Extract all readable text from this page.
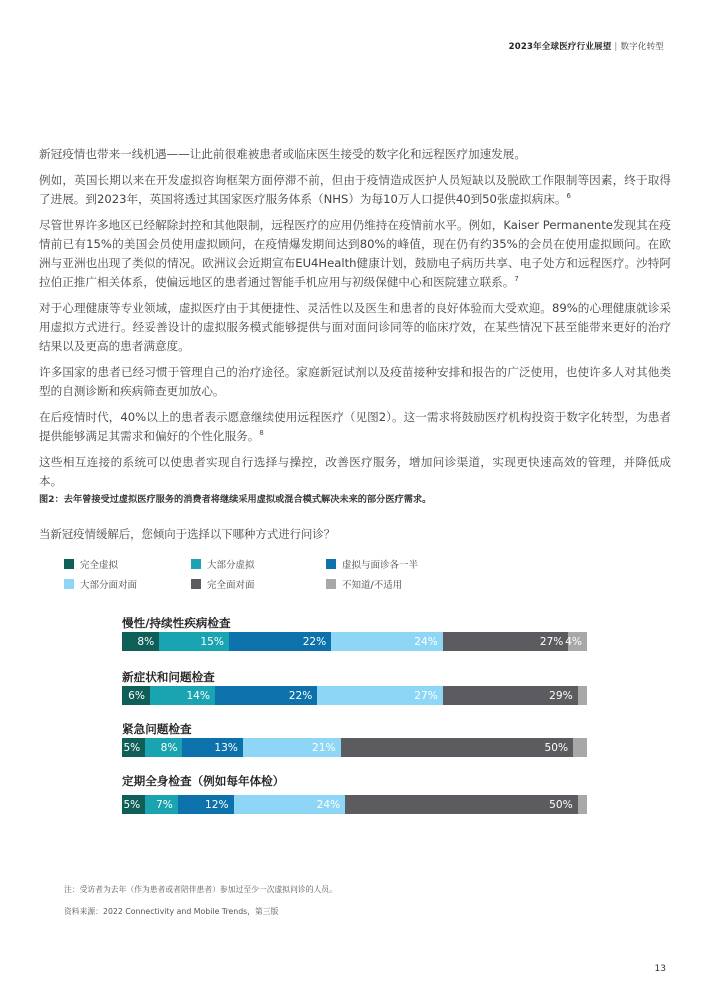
2023年全球医疗行业展望 | 数字化转型

新冠疫情也带来一线机遇——让此前很难被患者或临床医生接受的数字化和远程医疗加速发展。

例如，英国长期以来在开发虚拟咨询框架方面停滞不前，但由于疫情造成医护人员短缺以及脱欧工作限制等因素，终于取得了进展。到2023年，英国将透过其国家医疗服务体系（NHS）为每10万人口提供40到50张虚拟病床。$^6$

尽管世界许多地区已经解除封控和其他限制，远程医疗的应用仍维持在疫情前水平。例如，Kaiser Permanente发现其在疫情前已有15%的美国会员使用虚拟顾问，在疫情爆发期间达到80%的峰值，现在仍有约35%的会员在使用虚拟顾问。在欧洲与亚洲也出现了类似的情况。欧洲议会近期宣布EU4Health健康计划，鼓励电子病历共享、电子处方和远程医疗。沙特阿拉伯正推广相关体系，使偏远地区的患者通过智能手机应用与初级保健中心和医院建立联系。$^7$

对于心理健康等专业领域，虚拟医疗由于其便捷性、灵活性以及医生和患者的良好体验而大受欢迎。89%的心理健康就诊采用虚拟方式进行。经妥善设计的虚拟服务模式能够提供与面对面问诊同等的临床疗效，在某些情况下甚至能带来更好的治疗结果以及更高的患者满意度。

许多国家的患者已经习惯于管理自己的治疗途径。家庭新冠试剂以及疫苗接种安排和报告的广泛使用，也使许多人对其他类型的自测诊断和疾病筛查更加放心。

在后疫情时代，40%以上的患者表示愿意继续使用远程医疗（见图2）。这一需求将鼓励医疗机构投资于数字化转型，为患者提供能够满足其需求和偏好的个性化服务。$^8$

这些相互连接的系统可以使患者实现自行选择与操控，改善医疗服务，增加问诊渠道，实现更快速高效的管理，并降低成本。

图2：去年曾接受过虚拟医疗服务的消费者将继续采用虚拟或混合模式解决未来的部分医疗需求。
当新冠疫情缓解后，您倾向于选择以下哪种方式进行问诊？
完全虚拟	大部分虚拟	虚拟与面诊各一半
大部分面对面	完全面对面	不知道/不适用
慢性/持续性疾病检查
8%	15%	22%	24%	27% 4%
新症状和问题检查
6%	14%	22%	27%	29%
紧急问题检查
5% 8%	13%	21%	50%
定期全身检查（例如每年体检）
5% 7%	12%	24%	50%
注：受访者为去年（作为患者或者陪伴患者）参加过至少一次虚拟问诊的人员。
资料来源：2022 Connectivity and Mobile Trends，第三版
13
